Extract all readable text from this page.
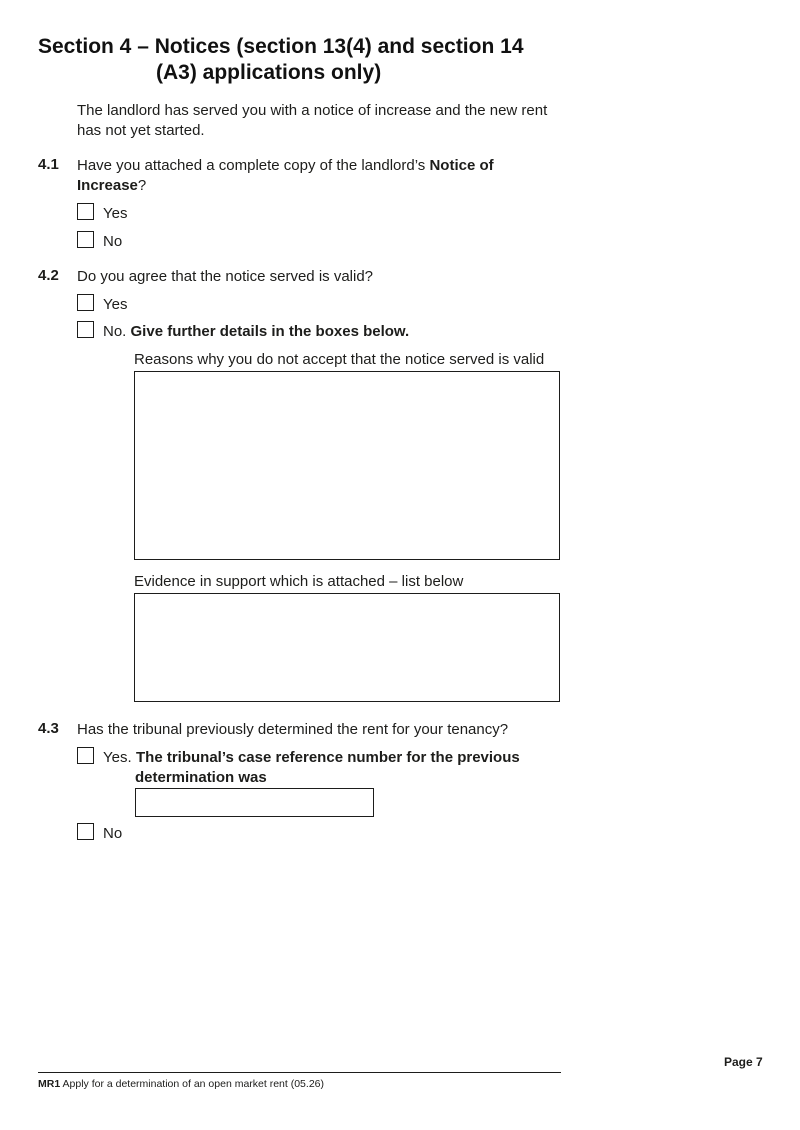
Section 4 – Notices (section 13(4) and section 14
(A3) applications only)
The landlord has served you with a notice of increase and the new rent has not yet started.
4.1 Have you attached a complete copy of the landlord’s Notice of Increase?
Yes
No
4.2 Do you agree that the notice served is valid?
Yes
No. Give further details in the boxes below.
Reasons why you do not accept that the notice served is valid
Evidence in support which is attached – list below
4.3 Has the tribunal previously determined the rent for your tenancy?
Yes. The tribunal’s case reference number for the previous
determination was
No
Page 7
MR1 Apply for a determination of an open market rent (05.26)
